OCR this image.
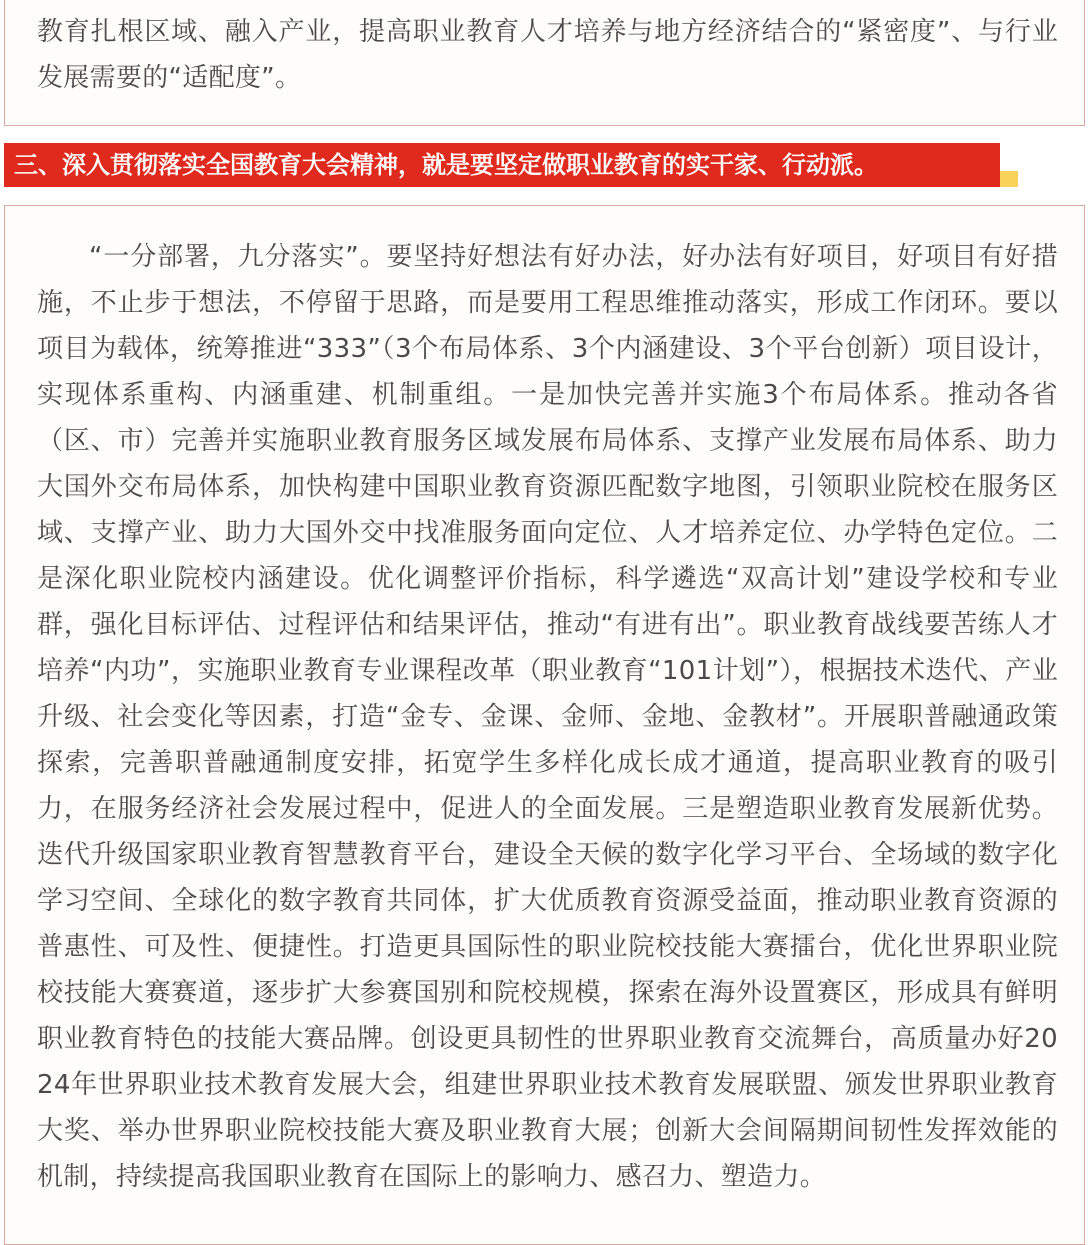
教育扎根区域、融入产业，提高职业教育人才培养与地方经济结合的“紧密度”、与行业发展需要的“适配度”。

三、深入贯彻落实全国教育大会精神，就是要坚定做职业教育的实干家、行动派。

“一分部署，九分落实”。要坚持好想法有好办法，好办法有好项目，好项目有好措施，不止步于想法，不停留于思路，而是要用工程思维推动落实，形成工作闭环。要以项目为载体，统筹推进“333”（3个布局体系、3个内涵建设、3个平台创新）项目设计，实现体系重构、内涵重建、机制重组。一是加快完善并实施3个布局体系。推动各省（区、市）完善并实施职业教育服务区域发展布局体系、支撑产业发展布局体系、助力大国外交布局体系，加快构建中国职业教育资源匹配数字地图，引领职业院校在服务区域、支撑产业、助力大国外交中找准服务面向定位、人才培养定位、办学特色定位。二是深化职业院校内涵建设。优化调整评价指标，科学遴选“双高计划”建设学校和专业群，强化目标评估、过程评估和结果评估，推动“有进有出”。职业教育战线要苦练人才培养“内功”，实施职业教育专业课程改革（职业教育“101计划”），根据技术迭代、产业升级、社会变化等因素，打造“金专、金课、金师、金地、金教材”。开展职普融通政策探索，完善职普融通制度安排，拓宽学生多样化成长成才通道，提高职业教育的吸引力，在服务经济社会发展过程中，促进人的全面发展。三是塑造职业教育发展新优势。迭代升级国家职业教育智慧教育平台，建设全天候的数字化学习平台、全场域的数字化学习空间、全球化的数字教育共同体，扩大优质教育资源受益面，推动职业教育资源的普惠性、可及性、便捷性。打造更具国际性的职业院校技能大赛擂台，优化世界职业院校技能大赛赛道，逐步扩大参赛国别和院校规模，探索在海外设置赛区，形成具有鲜明职业教育特色的技能大赛品牌。创设更具韧性的世界职业教育交流舞台，高质量办好2024年世界职业技术教育发展大会，组建世界职业技术教育发展联盟、颁发世界职业教育大奖、举办世界职业院校技能大赛及职业教育大展；创新大会间隔期间韧性发挥效能的机制，持续提高我国职业教育在国际上的影响力、感召力、塑造力。
